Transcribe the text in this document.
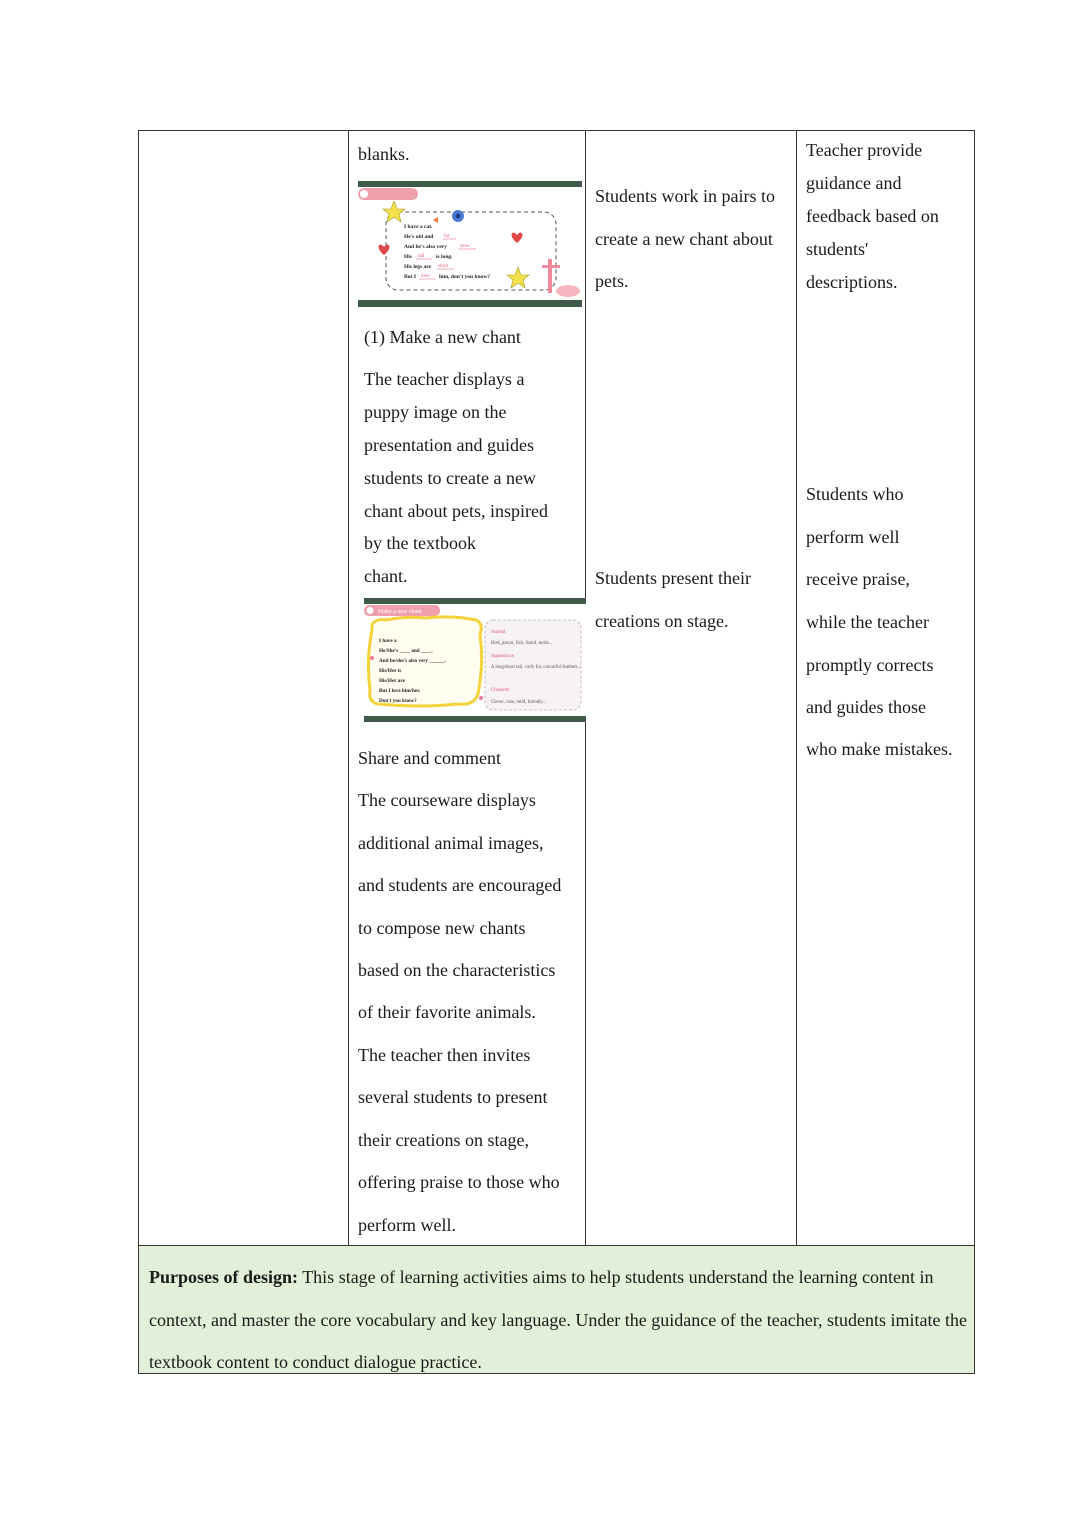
blanks.
I have a cat.
He's old and
And he's also very
His	is long.
His legs are
But I	him, don't you know?
fat
slow
tail
short
love
(1) Make a new chant
The teacher displays a
puppy image on the
presentation and guides
students to create a new
chant about pets, inspired
by the textbook
chant.
Make a new chant
I have a
He/She's ____ and ____.
And he/she's also very ______.
His/Her is
His/Her are
But I love him/her.
Don't you know?
Animal
Bird, parrot, fish, lizard, turtle...
Appearance
A long/short tail, curly fur, colourful feathers...
Character
Clever, cute, mild, friendly...
Share and comment
The courseware displays
additional animal images,
and students are encouraged
to compose new chants
based on the characteristics
of their favorite animals.
The teacher then invites
several students to present
their creations on stage,
offering praise to those who
perform well.
Students work in pairs to
create a new chant about
pets.
Students present their
creations on stage.
Teacher provide
guidance and
feedback based on
students'
descriptions.
Students who
perform well
receive praise,
while the teacher
promptly corrects
and guides those
who make mistakes.
Purposes of design: This stage of learning activities aims to help students understand the learning content in context, and master the core vocabulary and key language. Under the guidance of the teacher, students imitate the textbook content to conduct dialogue practice.
